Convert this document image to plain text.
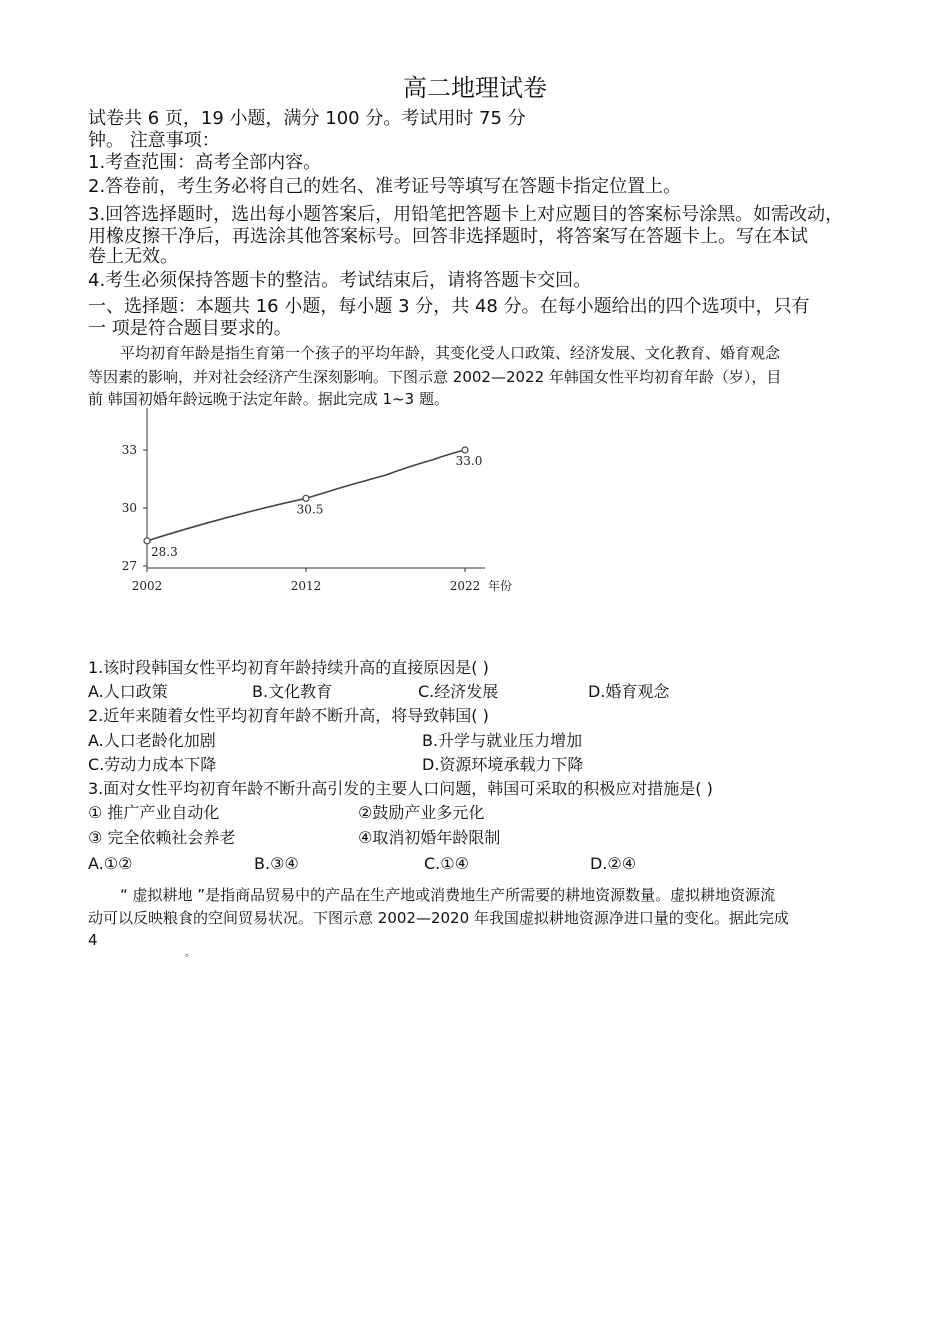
高二地理试卷
试卷共 6 页，19 小题，满分 100 分。考试用时 75 分
钟。 注意事项：
1.考查范围：高考全部内容。
2.答卷前，考生务必将自己的姓名、准考证号等填写在答题卡指定位置上。
3.回答选择题时，选出每小题答案后，用铅笔把答题卡上对应题目的答案标号涂黑。如需改动，
用橡皮擦干净后，再选涂其他答案标号。回答非选择题时，将答案写在答题卡上。写在本试
卷上无效。
4.考生必须保持答题卡的整洁。考试结束后，请将答题卡交回。
一、选择题：本题共 16 小题，每小题 3 分，共 48 分。在每小题给出的四个选项中，只有
一 项是符合题目要求的。
平均初育年龄是指生育第一个孩子的平均年龄，其变化受人口政策、经济发展、文化教育、婚育观念
等因素的影响，并对社会经济产生深刻影响。下图示意 2002—2022 年韩国女性平均初育年龄（岁），目
前 韩国初婚年龄远晚于法定年龄。据此完成 1~3 题。
27
30
33
2002	2012	2022
28.3
30.5
33.0
年份
1.该时段韩国女性平均初育年龄持续升高的直接原因是( )
A.人口政策	B.文化教育	C.经济发展	D.婚育观念
2.近年来随着女性平均初育年龄不断升高，将导致韩国( )
A.人口老龄化加剧	B.升学与就业压力增加
C.劳动力成本下降	D.资源环境承载力下降
3.面对女性平均初育年龄不断升高引发的主要人口问题，韩国可采取的积极应对措施是( )
① 推广产业自动化	②鼓励产业多元化
③ 完全依赖社会养老	④取消初婚年龄限制
A.①②	B.③④	C.①④	D.②④
“ 虚拟耕地 ”是指商品贸易中的产品在生产地或消费地生产所需要的耕地资源数量。虚拟耕地资源流
动可以反映粮食的空间贸易状况。下图示意 2002—2020 年我国虚拟耕地资源净进口量的变化。据此完成
4
。
